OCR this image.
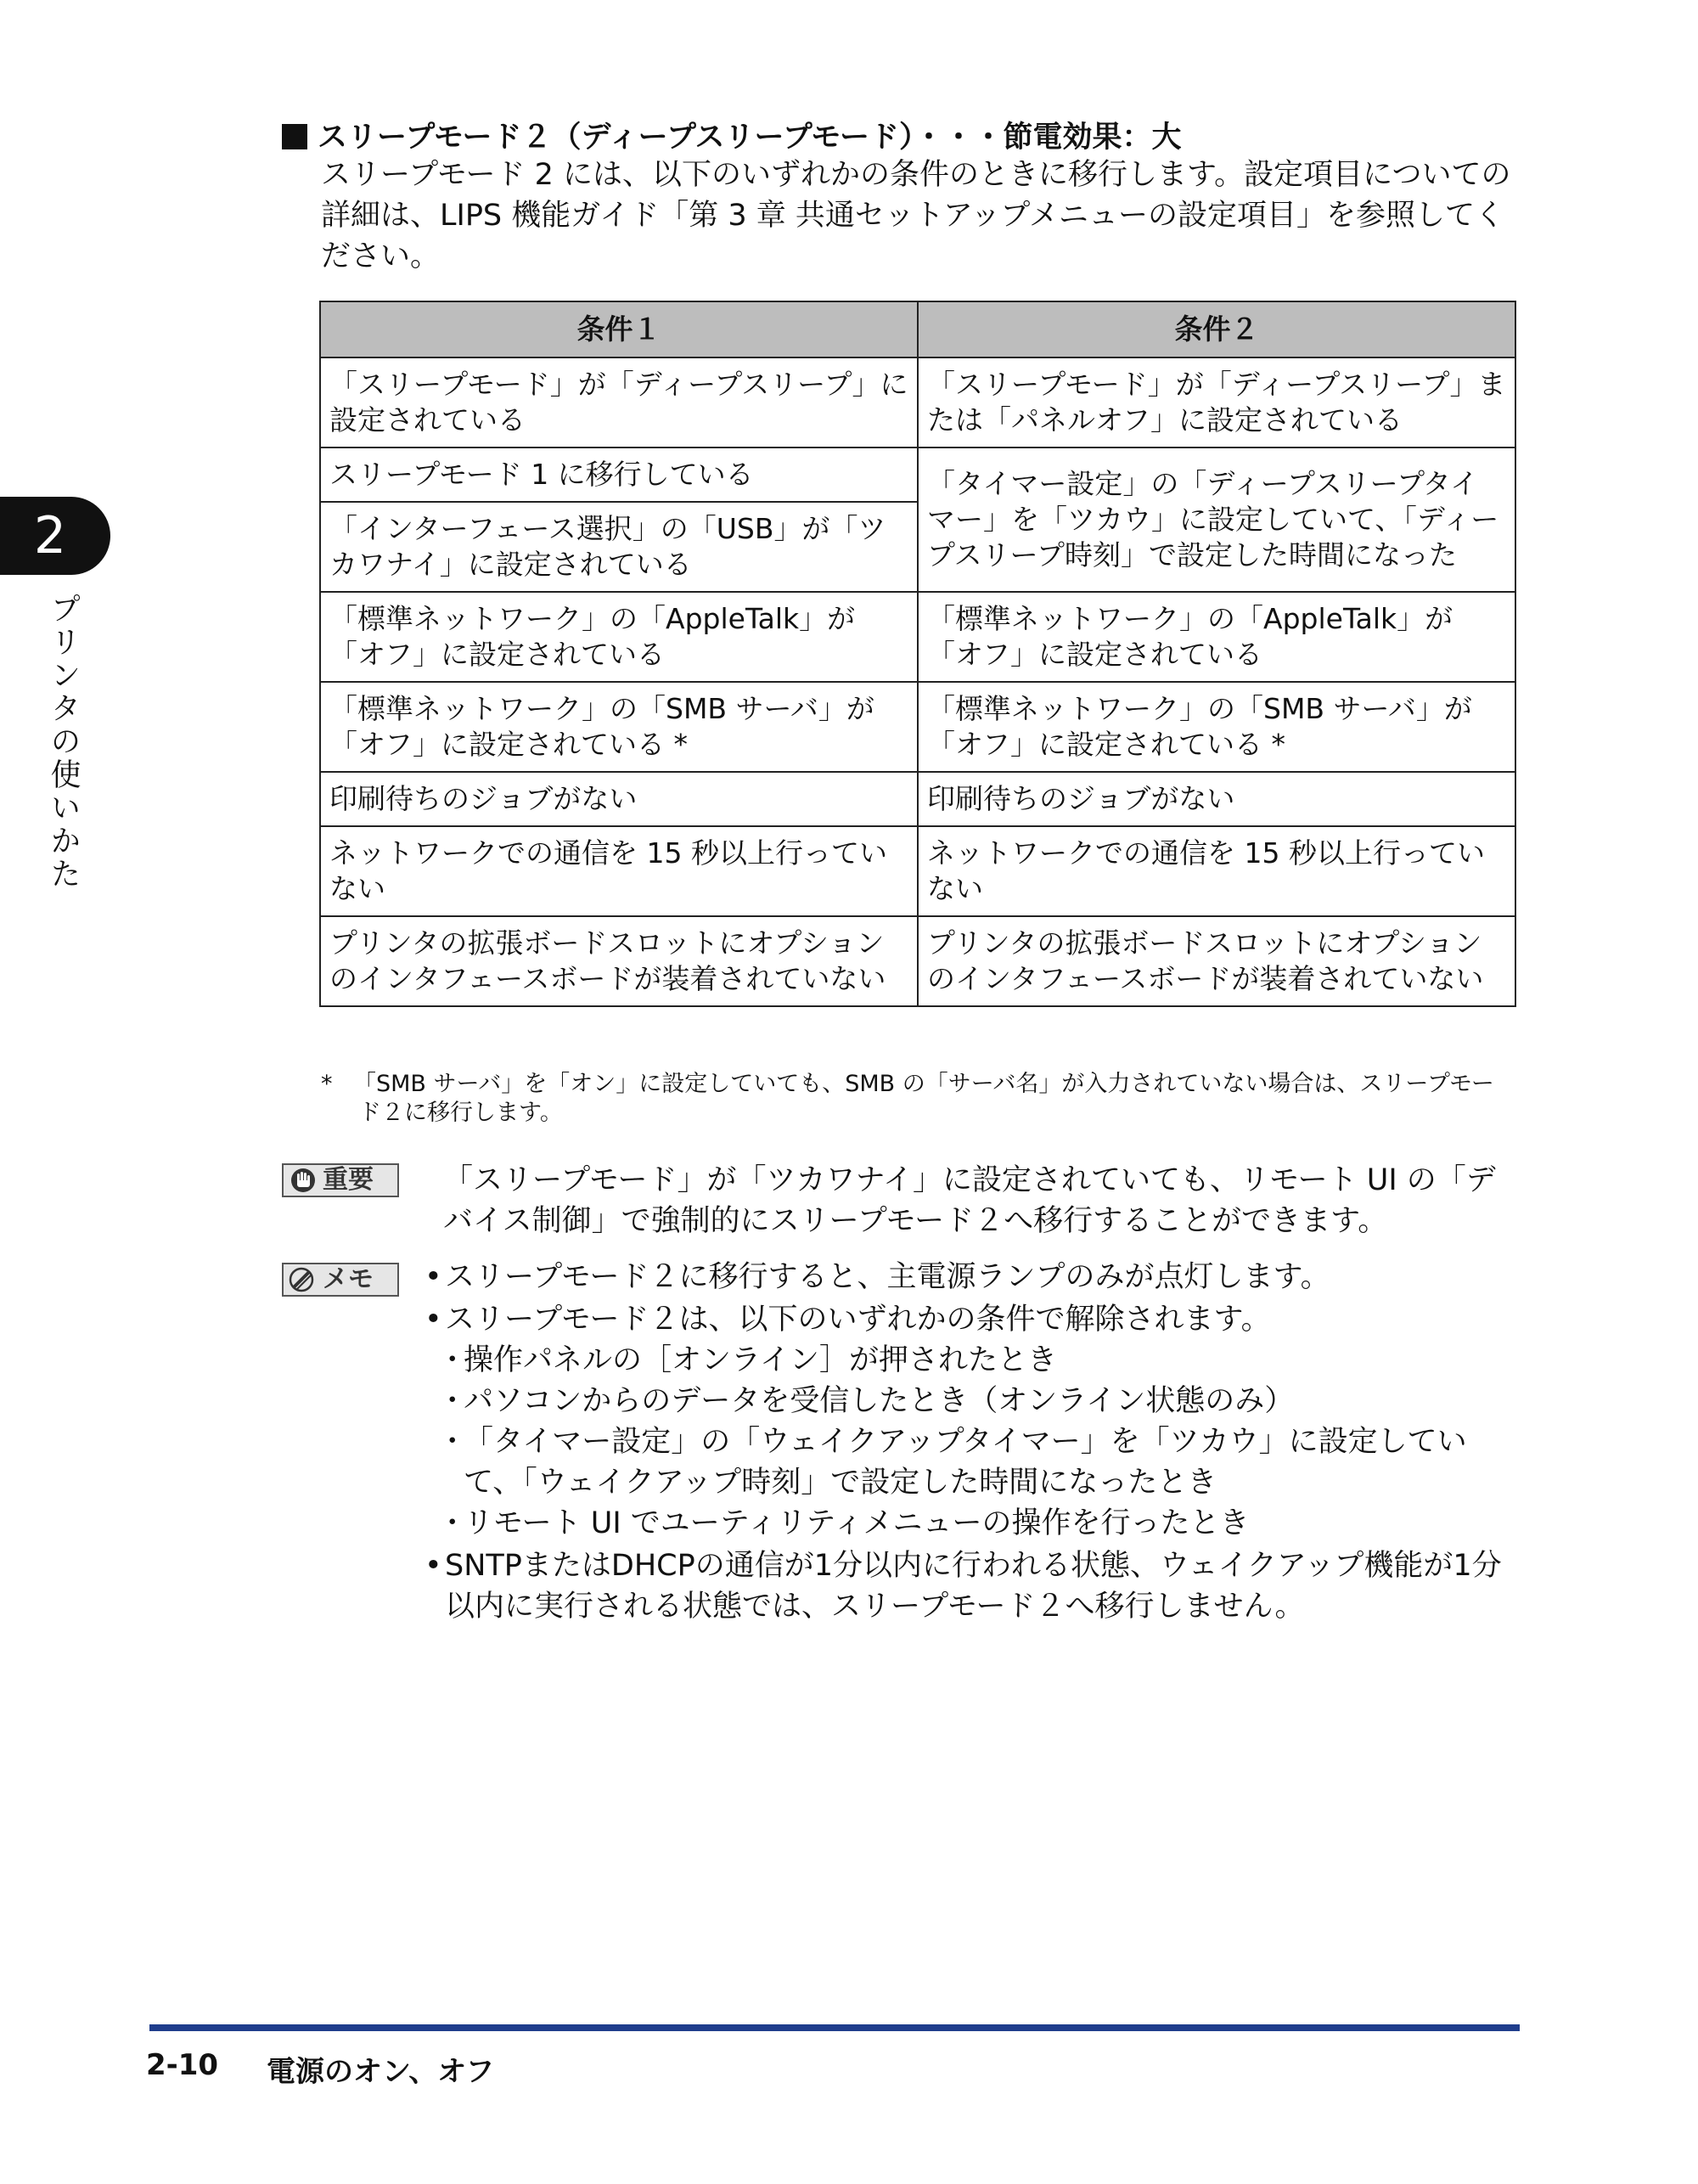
2
プリンタの使いかた
スリープモード２（ディープスリープモード）・・・節電効果：大
スリープモード 2 には、以下のいずれかの条件のときに移行します。設定項目についての詳細は、LIPS 機能ガイド「第 3 章 共通セットアップメニューの設定項目」を参照してください。
条件１	条件２
「スリープモード」が「ディープスリープ」に設定されている	「スリープモード」が「ディープスリープ」または「パネルオフ」に設定されている
スリープモード 1 に移行している	「タイマー設定」の「ディープスリープタイマー」を「ツカウ」に設定していて、「ディープスリープ時刻」で設定した時間になった
「インターフェース選択」の「USB」が「ツカワナイ」に設定されている	
「標準ネットワーク」の「AppleTalk」が「オフ」に設定されている	「標準ネットワーク」の「AppleTalk」が「オフ」に設定されている
「標準ネットワーク」の「SMB サーバ」が「オフ」に設定されている *	「標準ネットワーク」の「SMB サーバ」が「オフ」に設定されている *
印刷待ちのジョブがない	印刷待ちのジョブがない
ネットワークでの通信を 15 秒以上行っていない	ネットワークでの通信を 15 秒以上行っていない
プリンタの拡張ボードスロットにオプションのインタフェースボードが装着されていない	プリンタの拡張ボードスロットにオプションのインタフェースボードが装着されていない
* 「SMB サーバ」を「オン」に設定していても、SMB の「サーバ名」が入力されていない場合は、スリープモー
ド２に移行します。
重要	「スリープモード」が「ツカワナイ」に設定されていても、リモート UI の「デバイス制御」で強制的にスリープモード２へ移行することができます。
メモ	• スリープモード２に移行すると、主電源ランプのみが点灯します。
• スリープモード２は、以下のいずれかの条件で解除されます。
･ 操作パネルの［オンライン］が押されたとき
･ パソコンからのデータを受信したとき（オンライン状態のみ）
･ 「タイマー設定」の「ウェイクアップタイマー」を「ツカウ」に設定していて、「ウェイクアップ時刻」で設定した時間になったとき
･ リモート UI でユーティリティメニューの操作を行ったとき
• SNTPまたはDHCPの通信が1分以内に行われる状態、ウェイクアップ機能が1分以内に実行される状態では、スリープモード２へ移行しません。
2-10 電源のオン、オフ
